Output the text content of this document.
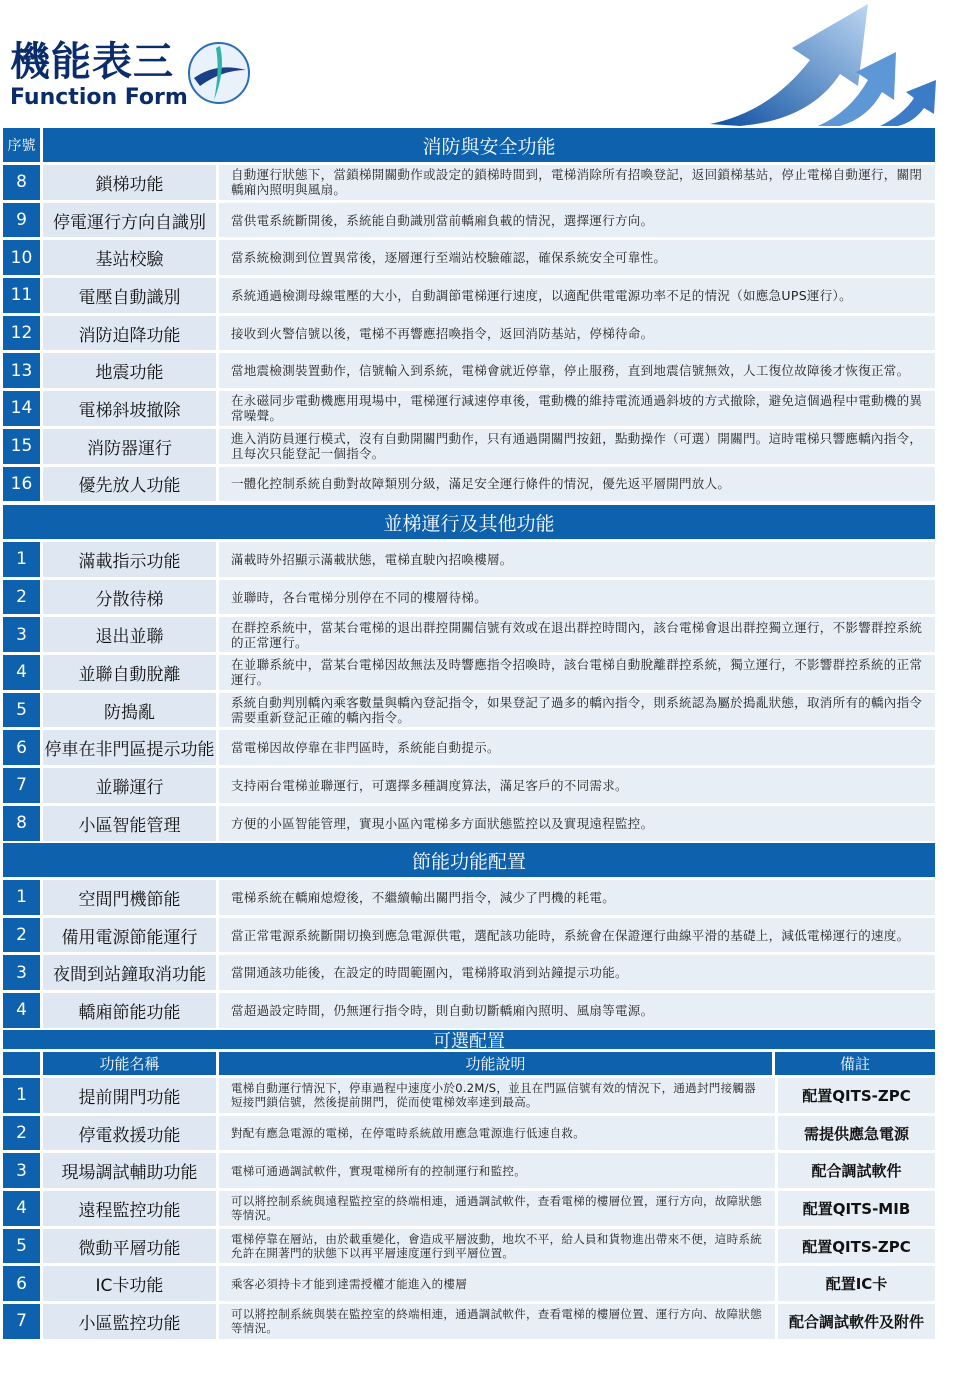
機能表三
Function Form
序號	消防與安全功能
8	鎖梯功能	自動運行狀態下，當鎖梯開關動作或設定的鎖梯時間到，電梯消除所有招喚登記，返回鎖梯基站，停止電梯自動運行，關閉轎廂內照明與風扇。
9	停電運行方向自識別	當供電系統斷開後，系統能自動識別當前轎廂負載的情況，選擇運行方向。
10	基站校驗	當系統檢測到位置異常後，逐層運行至端站校驗確認，確保系統安全可靠性。
11	電壓自動識別	系統通過檢測母線電壓的大小，自動調節電梯運行速度，以適配供電電源功率不足的情況（如應急UPS運行）。
12	消防迫降功能	接收到火警信號以後，電梯不再響應招喚指令，返回消防基站，停梯待命。
13	地震功能	當地震檢測裝置動作，信號輸入到系統，電梯會就近停靠，停止服務，直到地震信號無效，人工復位故障後才恢復正常。
14	電梯斜坡撤除	在永磁同步電動機應用現場中，電梯運行減速停車後，電動機的維持電流通過斜坡的方式撤除，避免這個過程中電動機的異常噪聲。
15	消防器運行	進入消防員運行模式，沒有自動開關門動作，只有通過開關門按鈕，點動操作（可選）開關門。這時電梯只響應轎內指令，且每次只能登記一個指令。
16	優先放人功能	一體化控制系統自動對故障類別分級，滿足安全運行條件的情況，優先返平層開門放人。
並梯運行及其他功能
1	滿載指示功能	滿載時外招顯示滿載狀態，電梯直駛內招喚樓層。
2	分散待梯	並聯時，各台電梯分別停在不同的樓層待梯。
3	退出並聯	在群控系統中，當某台電梯的退出群控開關信號有效或在退出群控時間內，該台電梯會退出群控獨立運行，不影響群控系統的正常運行。
4	並聯自動脫離	在並聯系統中，當某台電梯因故無法及時響應指令招喚時，該台電梯自動脫離群控系統，獨立運行，不影響群控系統的正常運行。
5	防搗亂	系統自動判別轎內乘客數量與轎內登記指令，如果登記了過多的轎內指令，則系統認為屬於搗亂狀態，取消所有的轎內指令需要重新登記正確的轎內指令。
6	停車在非門區提示功能	當電梯因故停靠在非門區時，系統能自動提示。
7	並聯運行	支持兩台電梯並聯運行，可選擇多種調度算法，滿足客戶的不同需求。
8	小區智能管理	方便的小區智能管理，實現小區內電梯多方面狀態監控以及實現遠程監控。
節能功能配置
1	空間門機節能	電梯系統在轎廂熄燈後，不繼續輸出關門指令，減少了門機的耗電。
2	備用電源節能運行	當正常電源系統斷開切換到應急電源供電，選配該功能時，系統會在保證運行曲線平滑的基礎上，減低電梯運行的速度。
3	夜間到站鐘取消功能	當開通該功能後，在設定的時間範圍內，電梯將取消到站鐘提示功能。
4	轎廂節能功能	當超過設定時間，仍無運行指令時，則自動切斷轎廂內照明、風扇等電源。
可選配置
功能名稱	功能說明	備註
1	提前開門功能	電梯自動運行情況下，停車過程中速度小於0.2M/S，並且在門區信號有效的情況下，通過封門接觸器短接門鎖信號，然後提前開門，從而使電梯效率達到最高。	配置QITS-ZPC
2	停電救援功能	對配有應急電源的電梯，在停電時系統啟用應急電源進行低速自救。	需提供應急電源
3	現場調試輔助功能	電梯可通過調試軟件，實現電梯所有的控制運行和監控。	配合調試軟件
4	遠程監控功能	可以將控制系統與遠程監控室的終端相連，通過調試軟件，查看電梯的樓層位置，運行方向，故障狀態等情況。	配置QITS-MIB
5	微動平層功能	電梯停靠在層站，由於載重變化，會造成平層波動，地坎不平，給人員和貨物進出帶來不便，這時系統允許在開著門的狀態下以再平層速度運行到平層位置。	配置QITS-ZPC
6	IC卡功能	乘客必須持卡才能到達需授權才能進入的樓層	配置IC卡
7	小區監控功能	可以將控制系統與裝在監控室的終端相連，通過調試軟件，查看電梯的樓層位置、運行方向、故障狀態等情況。	配合調試軟件及附件
